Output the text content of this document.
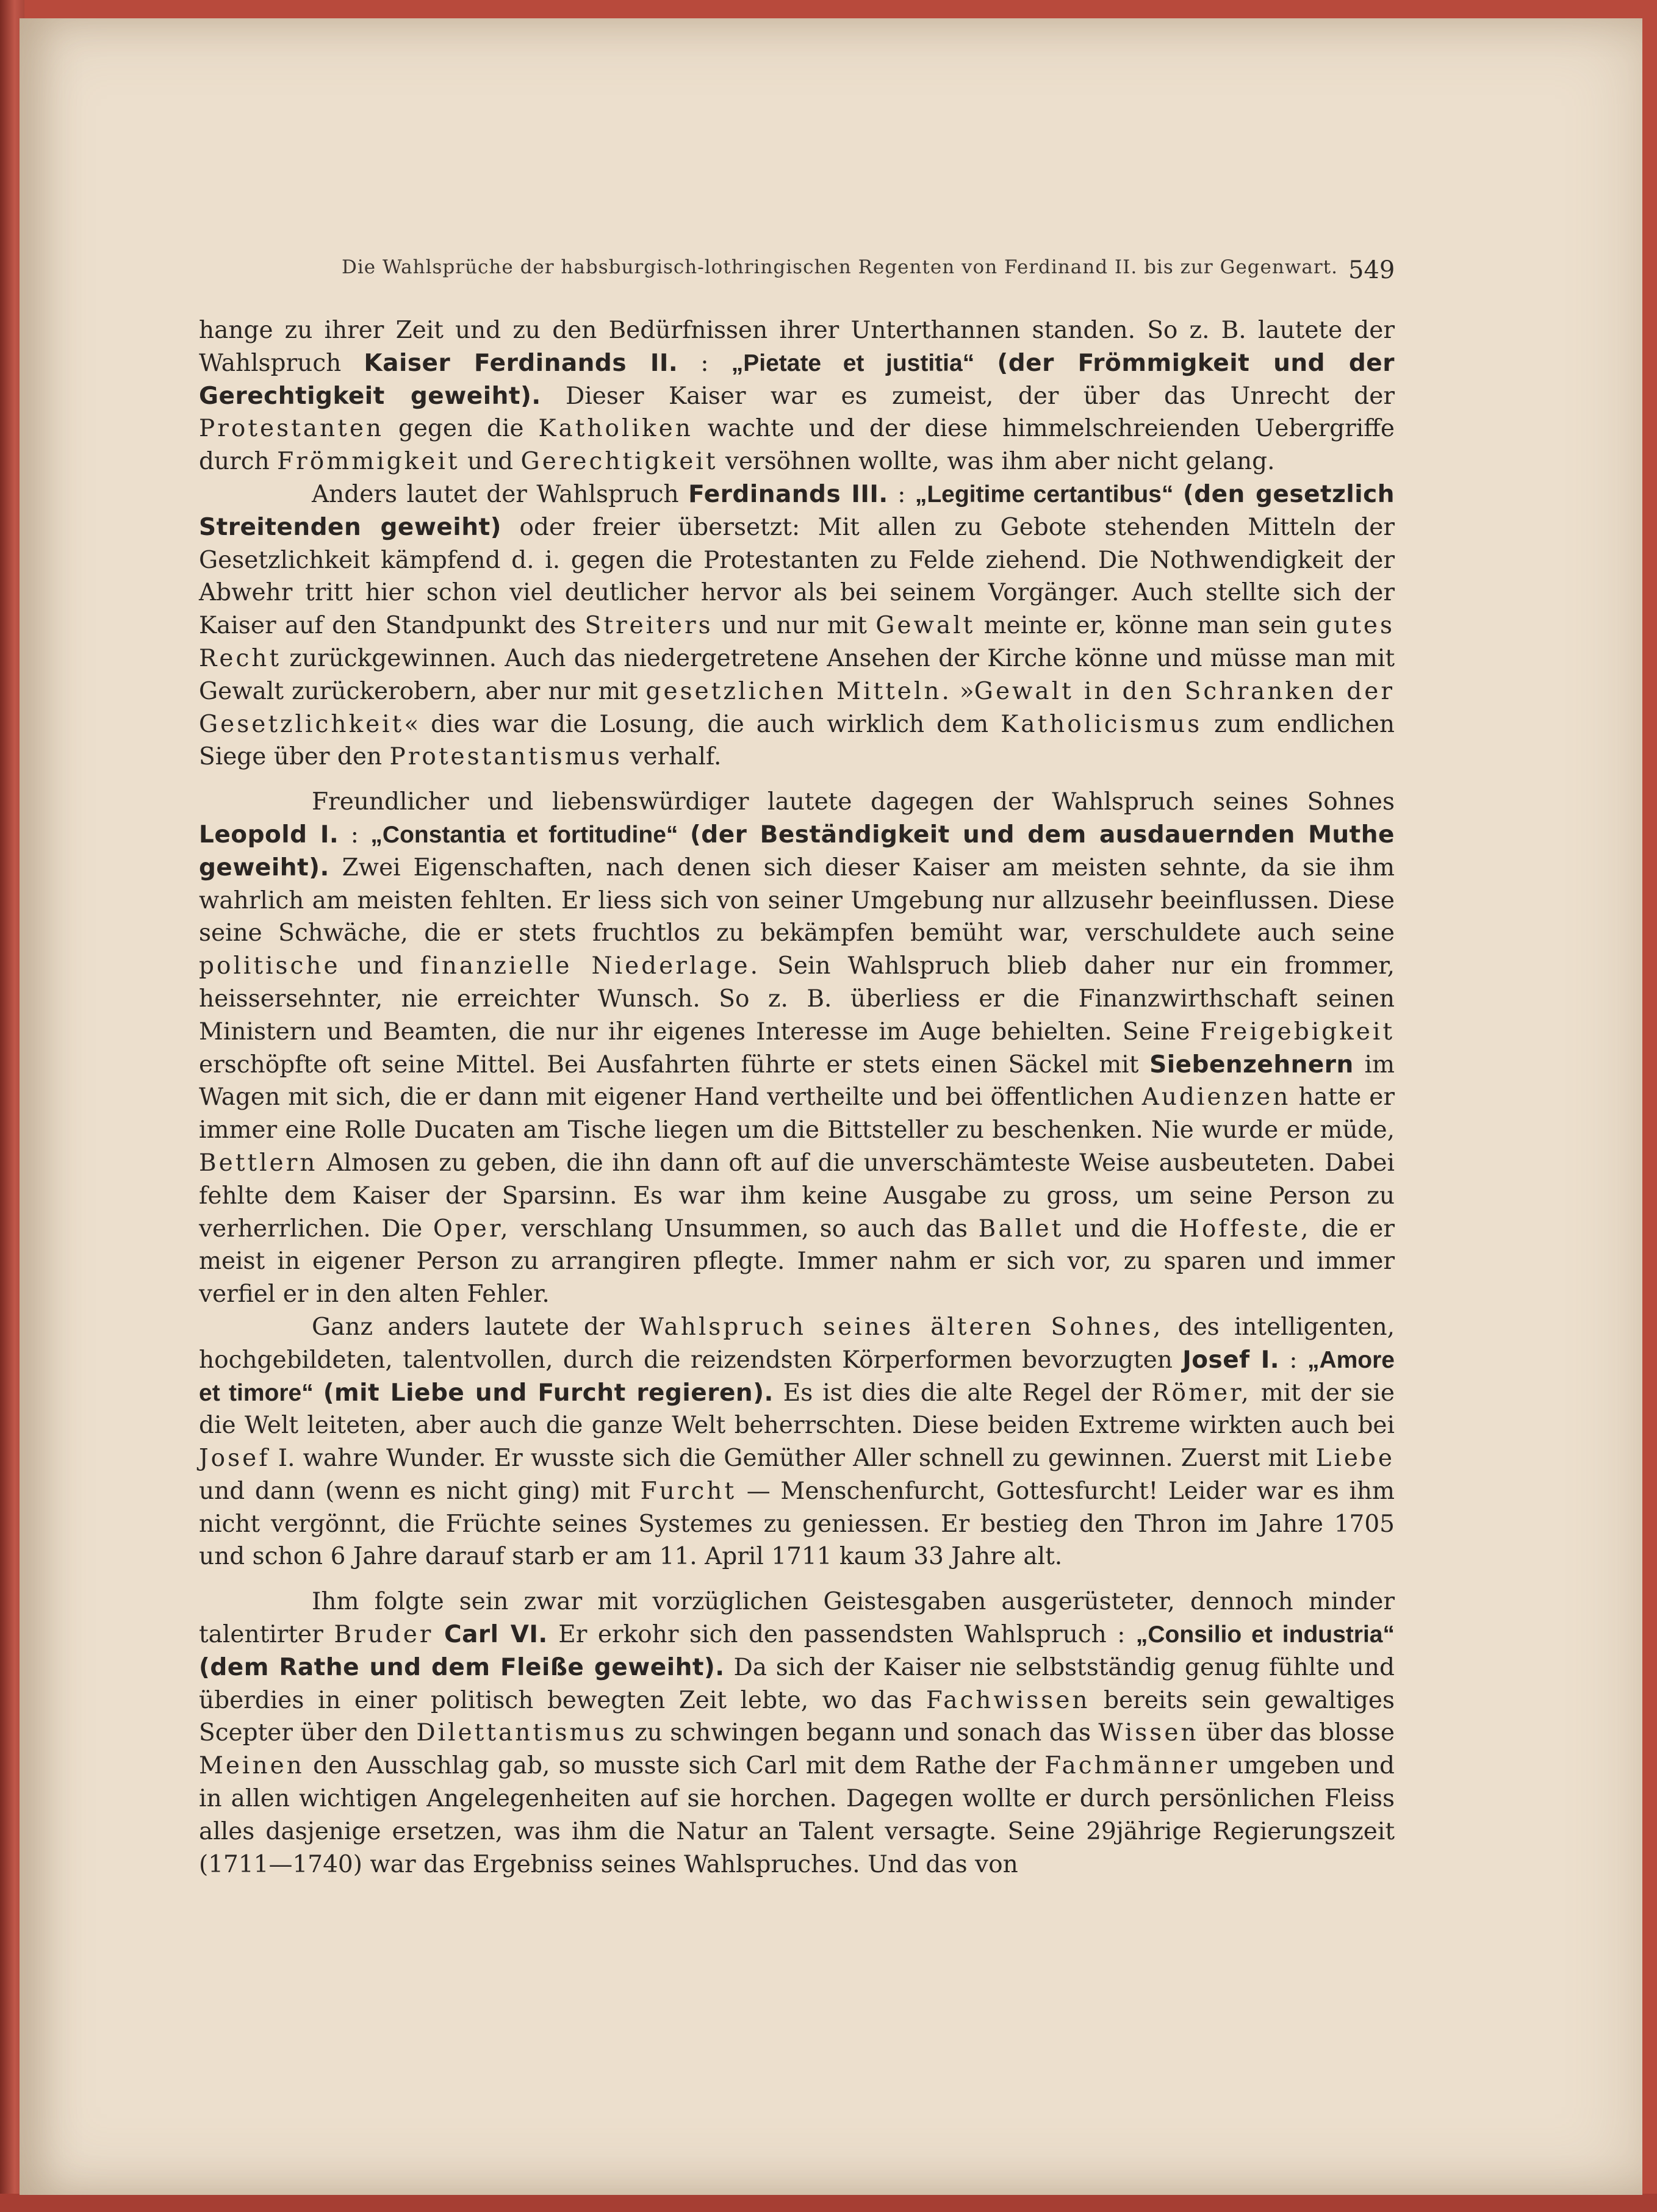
Die Wahlsprüche der habsburgisch-lothringischen Regenten von Ferdinand II. bis zur Gegenwart. 549

hange zu ihrer Zeit und zu den Bedürfnissen ihrer Unterthannen standen. So z. B. lautete der Wahlspruch Kaiser Ferdinands II. : „Pietate et justitia“ (der Frömmigkeit und der Gerechtigkeit geweiht). Dieser Kaiser war es zumeist, der über das Unrecht der Protestanten gegen die Katholiken wachte und der diese himmelschreienden Uebergriffe durch Frömmigkeit und Gerechtigkeit versöhnen wollte, was ihm aber nicht gelang.

Anders lautet der Wahlspruch Ferdinands III. : „Legitime certantibus“ (den gesetzlich Streitenden geweiht) oder freier übersetzt: Mit allen zu Gebote stehenden Mitteln der Gesetzlichkeit kämpfend d. i. gegen die Protestanten zu Felde ziehend. Die Nothwendigkeit der Abwehr tritt hier schon viel deutlicher hervor als bei seinem Vorgänger. Auch stellte sich der Kaiser auf den Standpunkt des Streiters und nur mit Gewalt meinte er, könne man sein gutes Recht zurückgewinnen. Auch das niedergetretene Ansehen der Kirche könne und müsse man mit Gewalt zurückerobern, aber nur mit gesetzlichen Mitteln. »Gewalt in den Schranken der Gesetzlichkeit« dies war die Losung, die auch wirklich dem Katholicismus zum endlichen Siege über den Protestantismus verhalf.

Freundlicher und liebenswürdiger lautete dagegen der Wahlspruch seines Sohnes Leopold I. : „Constantia et fortitudine“ (der Beständigkeit und dem ausdauernden Muthe geweiht). Zwei Eigenschaften, nach denen sich dieser Kaiser am meisten sehnte, da sie ihm wahrlich am meisten fehlten. Er liess sich von seiner Umgebung nur allzusehr beeinflussen. Diese seine Schwäche, die er stets fruchtlos zu bekämpfen bemüht war, verschuldete auch seine politische und finanzielle Niederlage. Sein Wahlspruch blieb daher nur ein frommer, heissersehnter, nie erreichter Wunsch. So z. B. überliess er die Finanzwirthschaft seinen Ministern und Beamten, die nur ihr eigenes Interesse im Auge behielten. Seine Freigebigkeit erschöpfte oft seine Mittel. Bei Ausfahrten führte er stets einen Säckel mit Siebenzehnern im Wagen mit sich, die er dann mit eigener Hand vertheilte und bei öffentlichen Audienzen hatte er immer eine Rolle Ducaten am Tische liegen um die Bittsteller zu beschenken. Nie wurde er müde, Bettlern Almosen zu geben, die ihn dann oft auf die unverschämteste Weise ausbeuteten. Dabei fehlte dem Kaiser der Sparsinn. Es war ihm keine Ausgabe zu gross, um seine Person zu verherrlichen. Die Oper, verschlang Unsummen, so auch das Ballet und die Hoffeste, die er meist in eigener Person zu arrangiren pflegte. Immer nahm er sich vor, zu sparen und immer verfiel er in den alten Fehler.

Ganz anders lautete der Wahlspruch seines älteren Sohnes, des intelligenten, hochgebildeten, talentvollen, durch die reizendsten Körperformen bevorzugten Josef I. : „Amore et timore“ (mit Liebe und Furcht regieren). Es ist dies die alte Regel der Römer, mit der sie die Welt leiteten, aber auch die ganze Welt beherrschten. Diese beiden Extreme wirkten auch bei Josef I. wahre Wunder. Er wusste sich die Gemüther Aller schnell zu gewinnen. Zuerst mit Liebe und dann (wenn es nicht ging) mit Furcht — Menschenfurcht, Gottesfurcht! Leider war es ihm nicht vergönnt, die Früchte seines Systemes zu geniessen. Er bestieg den Thron im Jahre 1705 und schon 6 Jahre darauf starb er am 11. April 1711 kaum 33 Jahre alt.

Ihm folgte sein zwar mit vorzüglichen Geistesgaben ausgerüsteter, dennoch minder talentirter Bruder Carl VI. Er erkohr sich den passendsten Wahlspruch : „Consilio et industria“ (dem Rathe und dem Fleiße geweiht). Da sich der Kaiser nie selbstständig genug fühlte und überdies in einer politisch bewegten Zeit lebte, wo das Fachwissen bereits sein gewaltiges Scepter über den Dilettantismus zu schwingen begann und sonach das Wissen über das blosse Meinen den Ausschlag gab, so musste sich Carl mit dem Rathe der Fachmänner umgeben und in allen wichtigen Angelegenheiten auf sie horchen. Dagegen wollte er durch persönlichen Fleiss alles dasjenige ersetzen, was ihm die Natur an Talent versagte. Seine 29jährige Regierungszeit (1711—1740) war das Ergebniss seines Wahlspruches. Und das von
